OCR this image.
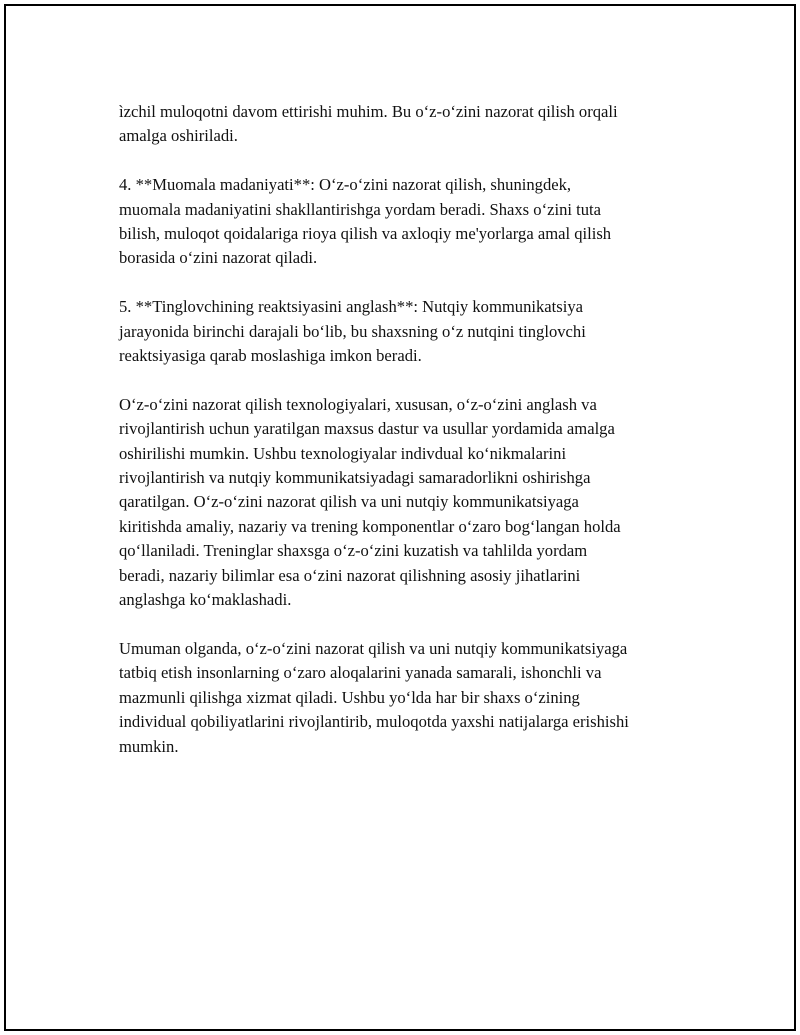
ìzchil muloqotni davom ettirishi muhim. Bu o‘z-o‘zini nazorat qilish orqali
amalga oshiriladi.

4. **Muomala madaniyati**: O‘z-o‘zini nazorat qilish, shuningdek,
muomala madaniyatini shakllantirishga yordam beradi. Shaxs o‘zini tuta
bilish, muloqot qoidalariga rioya qilish va axloqiy me'yorlarga amal qilish
borasida o‘zini nazorat qiladi.

5. **Tinglovchining reaktsiyasini anglash**: Nutqiy kommunikatsiya
jarayonida birinchi darajali bo‘lib, bu shaxsning o‘z nutqini tinglovchi
reaktsiyasiga qarab moslashiga imkon beradi.

O‘z-o‘zini nazorat qilish texnologiyalari, xususan, o‘z-o‘zini anglash va
rivojlantirish uchun yaratilgan maxsus dastur va usullar yordamida amalga
oshirilishi mumkin. Ushbu texnologiyalar indivdual ko‘nikmalarini
rivojlantirish va nutqiy kommunikatsiyadagi samaradorlikni oshirishga
qaratilgan. O‘z-o‘zini nazorat qilish va uni nutqiy kommunikatsiyaga
kiritishda amaliy, nazariy va trening komponentlar o‘zaro bog‘langan holda
qo‘llaniladi. Treninglar shaxsga o‘z-o‘zini kuzatish va tahlilda yordam
beradi, nazariy bilimlar esa o‘zini nazorat qilishning asosiy jihatlarini
anglashga ko‘maklashadi.

Umuman olganda, o‘z-o‘zini nazorat qilish va uni nutqiy kommunikatsiyaga
tatbiq etish insonlarning o‘zaro aloqalarini yanada samarali, ishonchli va
mazmunli qilishga xizmat qiladi. Ushbu yo‘lda har bir shaxs o‘zining
individual qobiliyatlarini rivojlantirib, muloqotda yaxshi natijalarga erishishi
mumkin.
